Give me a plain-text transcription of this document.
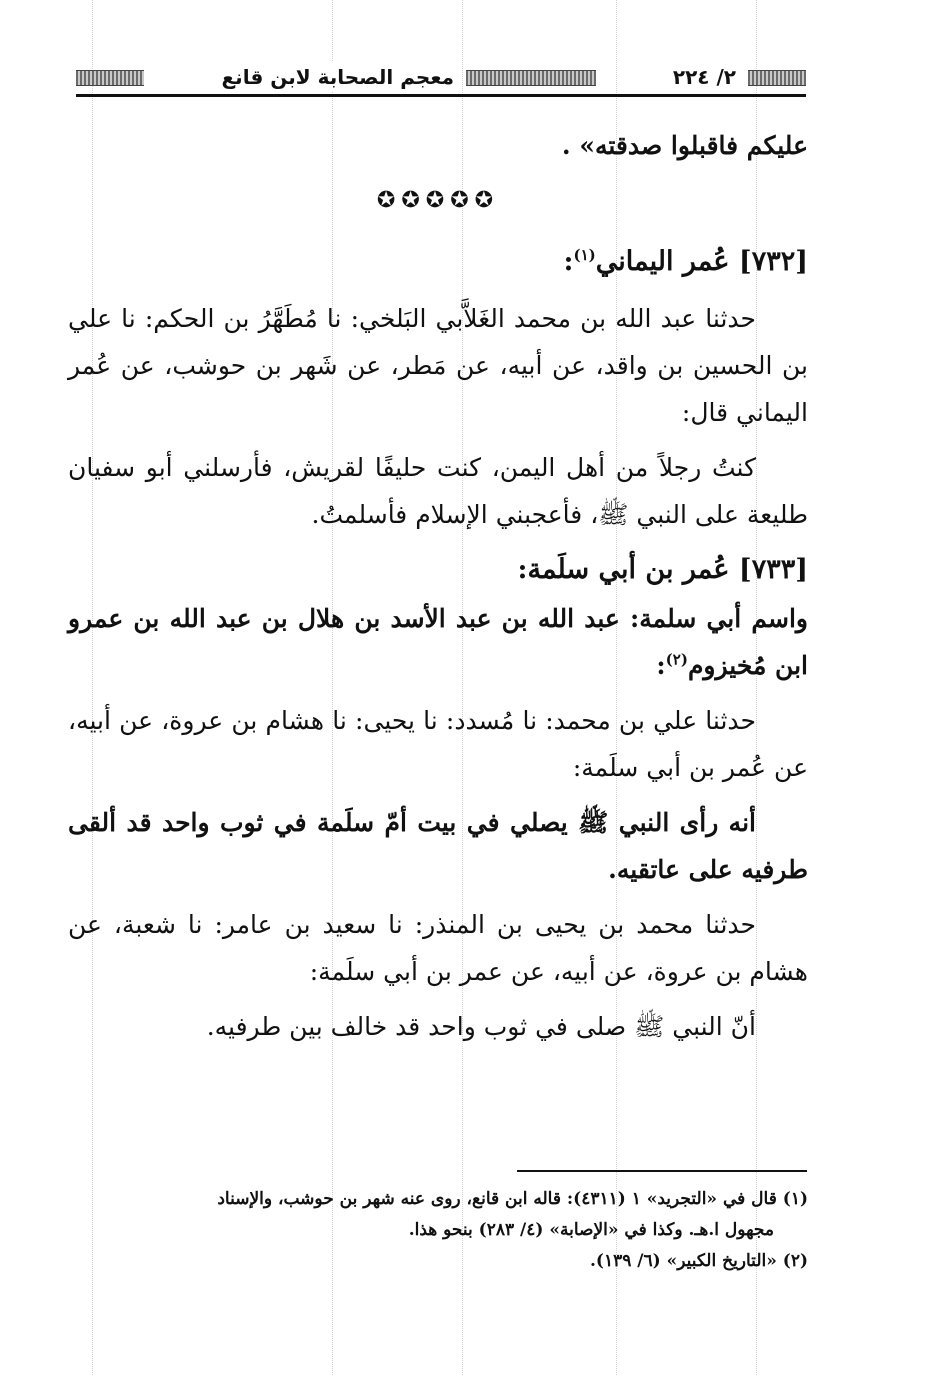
٢/ ٢٢٤
معجم الصحابة لابن قانع

عليكم فاقبلوا صدقته» .

✪✪✪✪✪

[٧٣٢] عُمر اليماني$^{(١)}$:

حدثنا عبد الله بن محمد الغَلاَّبي البَلخي: نا مُطَهَّرُ بن الحكم: نا علي بن الحسين بن واقد، عن أبيه، عن مَطر، عن شَهر بن حوشب، عن عُمر اليماني قال:

كنتُ رجلاً من أهل اليمن، كنت حليفًا لقريش، فأرسلني أبو سفيان طليعة على النبي ﷺ، فأعجبني الإسلام فأسلمتُ.

[٧٣٣] عُمر بن أبي سلَمة:

واسم أبي سلمة: عبد الله بن عبد الأسد بن هلال بن عبد الله بن عمرو ابن مُخيزوم$^{(٢)}$:

حدثنا علي بن محمد: نا مُسدد: نا يحيى: نا هشام بن عروة، عن أبيه، عن عُمر بن أبي سلَمة:

أنه رأى النبي ﷺ يصلي في بيت أمّ سلَمة في ثوب واحد قد ألقى طرفيه على عاتقيه.

حدثنا محمد بن يحيى بن المنذر: نا سعيد بن عامر: نا شعبة، عن هشام بن عروة، عن أبيه، عن عمر بن أبي سلَمة:

أنّ النبي ﷺ صلى في ثوب واحد قد خالف بين طرفيه.

(١) قال في «التجريد» ١ (٤٣١١): قاله ابن قانع، روى عنه شهر بن حوشب، والإسناد

مجهول ا.هـ. وكذا في «الإصابة» (٤/ ٢٨٣) بنحو هذا.

(٢) «التاريخ الكبير» (٦/ ١٣٩).
